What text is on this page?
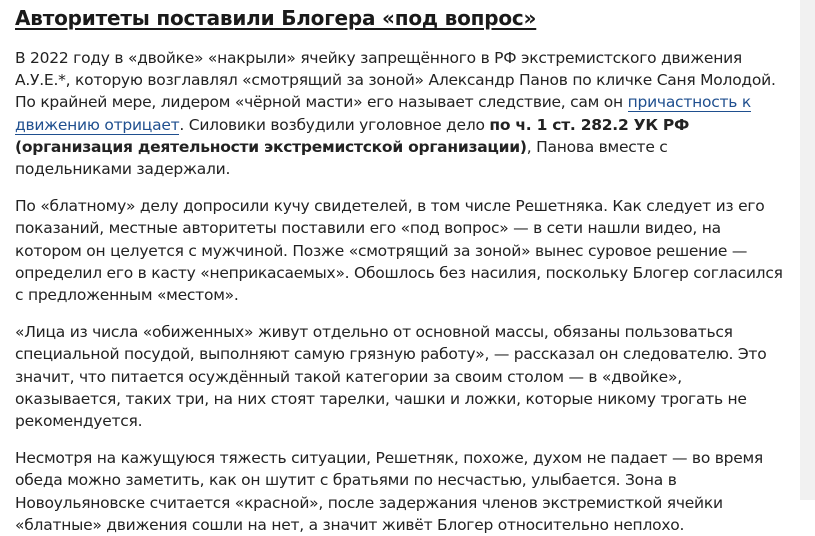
Авторитеты поставили Блогера «под вопрос»

В 2022 году в «двойке» «накрыли» ячейку запрещённого в РФ экстремистского движения А.У.Е.*, которую возглавлял «смотрящий за зоной» Александр Панов по кличке Саня Молодой. По крайней мере, лидером «чёрной масти» его называет следствие, сам он причастность к движению отрицает. Силовики возбудили уголовное дело по ч. 1 ст. 282.2 УК РФ (организация деятельности экстремистской организации), Панова вместе с подельниками задержали.

По «блатному» делу допросили кучу свидетелей, в том числе Решетняка. Как следует из его показаний, местные авторитеты поставили его «под вопрос» — в сети нашли видео, на котором он целуется с мужчиной. Позже «смотрящий за зоной» вынес суровое решение — определил его в касту «неприкасаемых». Обошлось без насилия, поскольку Блогер согласился с предложенным «местом».

«Лица из числа «обиженных» живут отдельно от основной массы, обязаны пользоваться специальной посудой, выполняют самую грязную работу», — рассказал он следователю. Это значит, что питается осуждённый такой категории за своим столом — в «двойке», оказывается, таких три, на них стоят тарелки, чашки и ложки, которые никому трогать не рекомендуется.

Несмотря на кажущуюся тяжесть ситуации, Решетняк, похоже, духом не падает — во время обеда можно заметить, как он шутит с братьями по несчастью, улыбается. Зона в Новоульяновске считается «красной», после задержания членов экстремисткой ячейки «блатные» движения сошли на нет, а значит живёт Блогер относительно неплохо.
